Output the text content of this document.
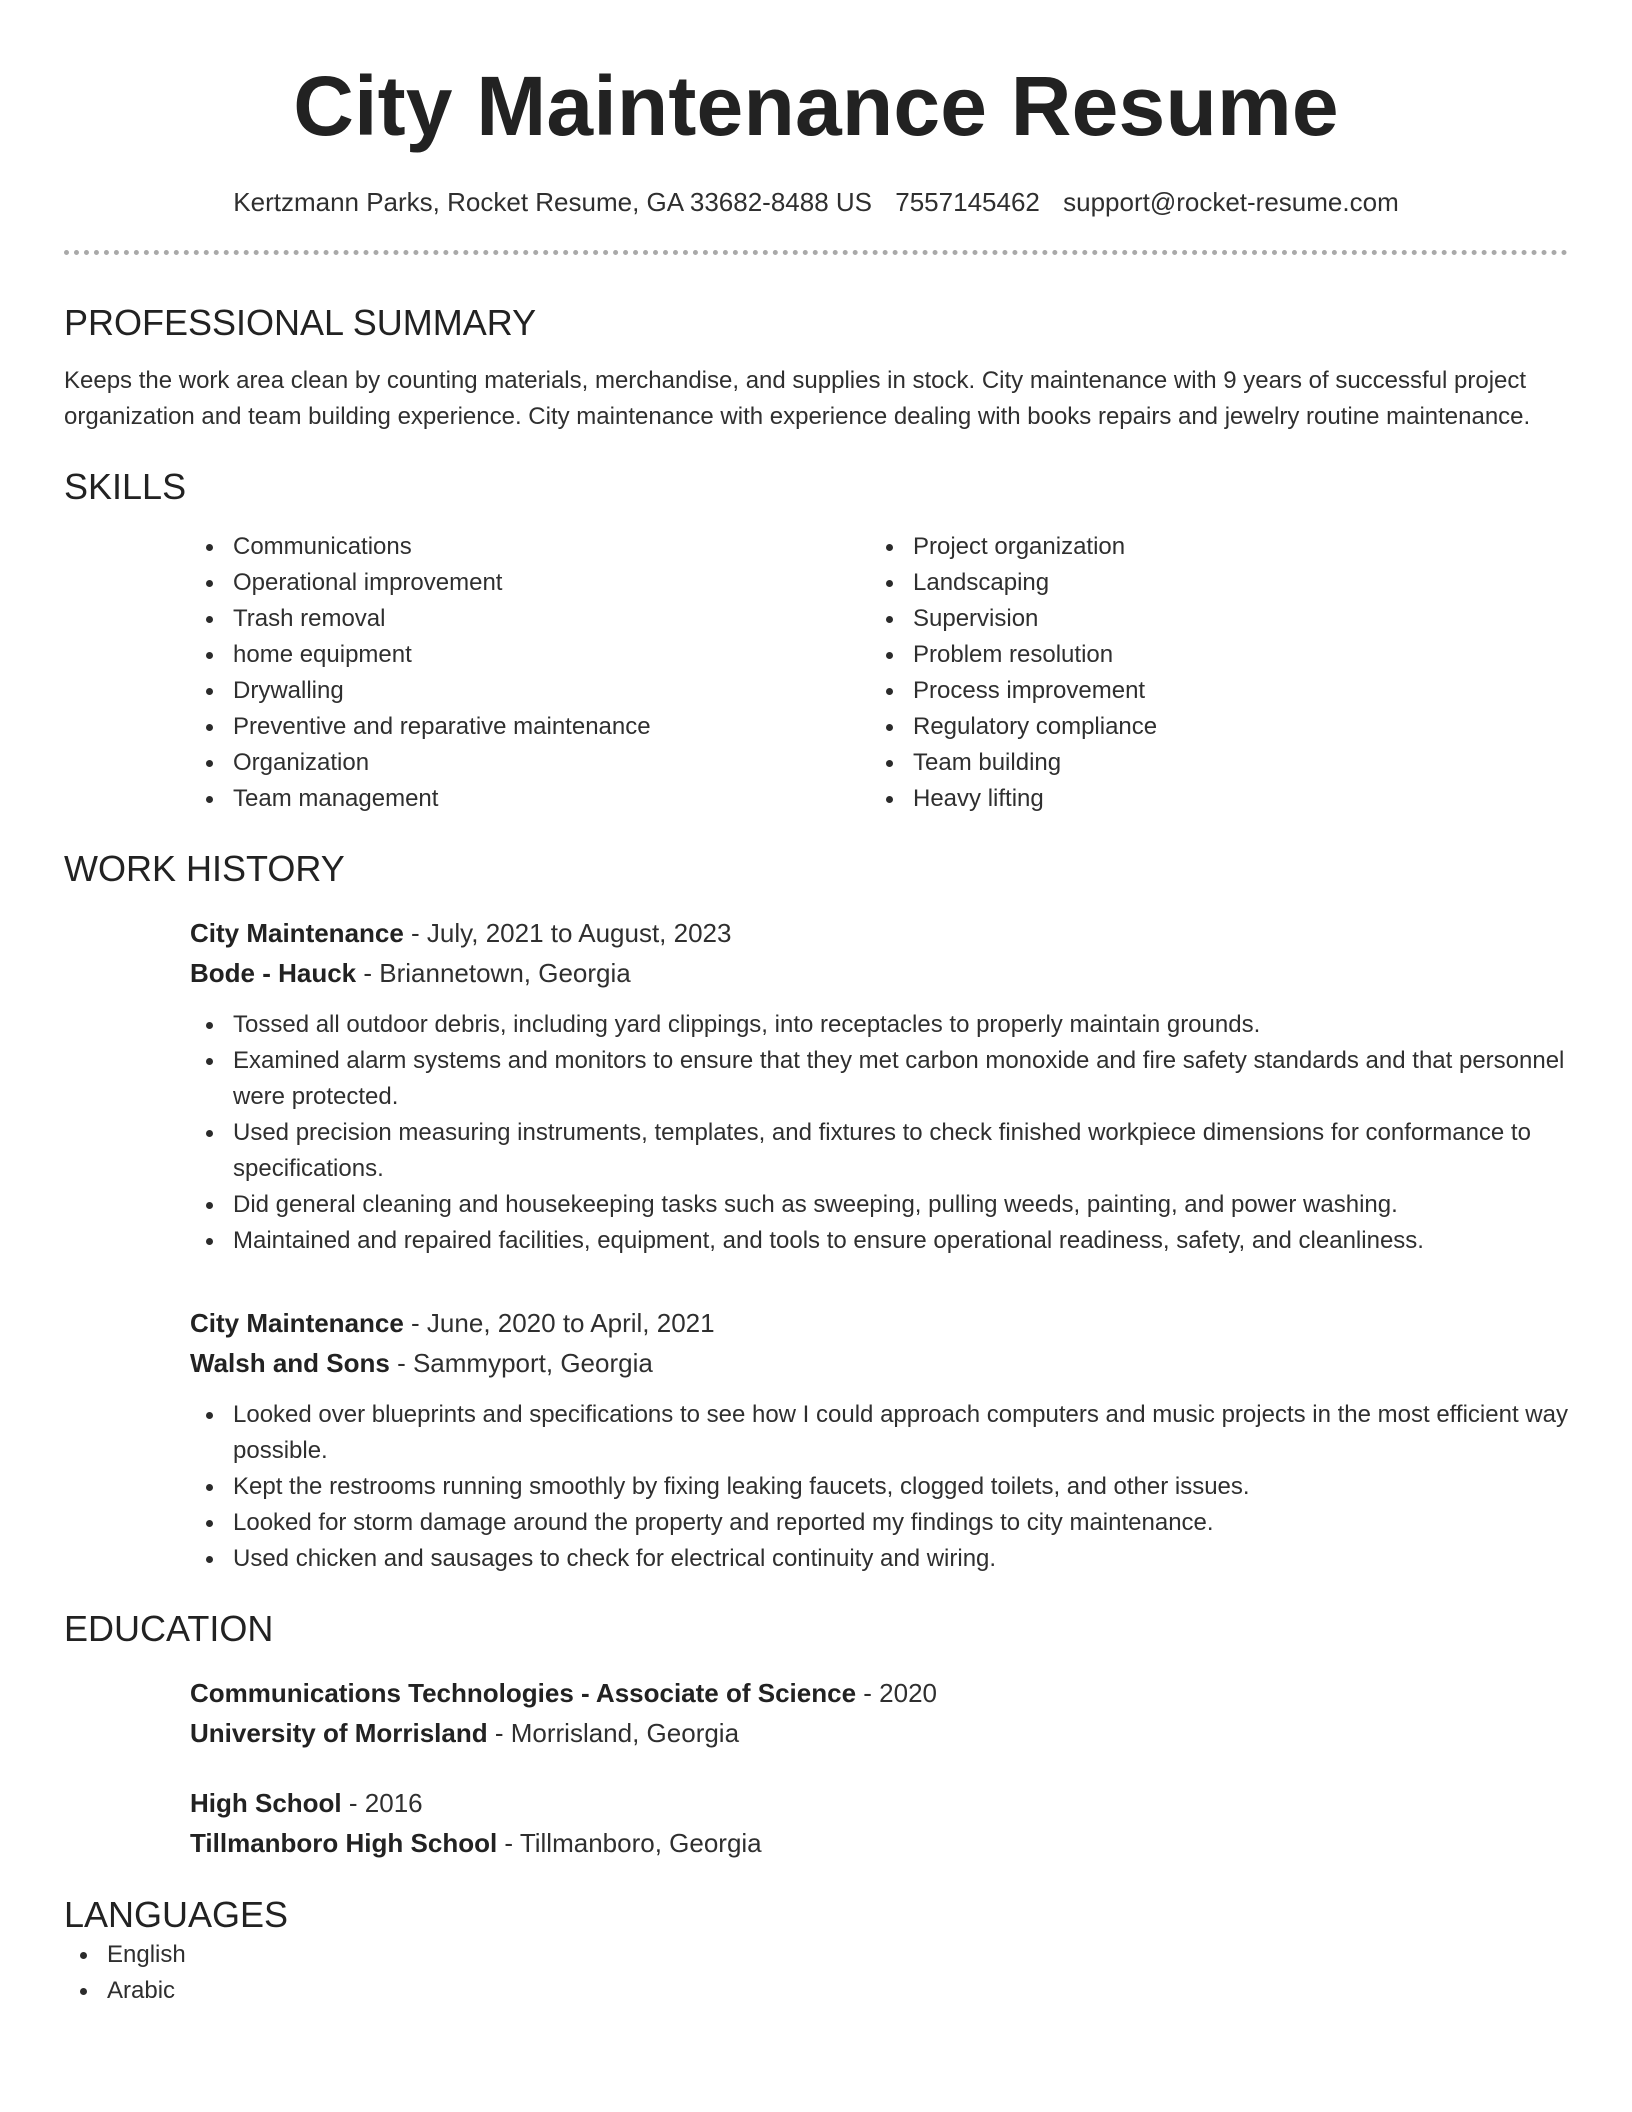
City Maintenance Resume
Kertzmann Parks, Rocket Resume, GA 33682-8488 US 7557145462 support@rocket-resume.com
PROFESSIONAL SUMMARY

Keeps the work area clean by counting materials, merchandise, and supplies in stock. City maintenance with 9 years of successful project organization and team building experience. City maintenance with experience dealing with books repairs and jewelry routine maintenance.

SKILLS
Communications
Operational improvement
Trash removal
home equipment
Drywalling
Preventive and reparative maintenance
Organization
Team management
Project organization
Landscaping
Supervision
Problem resolution
Process improvement
Regulatory compliance
Team building
Heavy lifting
WORK HISTORY
City Maintenance - July, 2021 to August, 2023
Bode - Hauck - Briannetown, Georgia
Tossed all outdoor debris, including yard clippings, into receptacles to properly maintain grounds.
Examined alarm systems and monitors to ensure that they met carbon monoxide and fire safety standards and that personnel were protected.
Used precision measuring instruments, templates, and fixtures to check finished workpiece dimensions for conformance to specifications.
Did general cleaning and housekeeping tasks such as sweeping, pulling weeds, painting, and power washing.
Maintained and repaired facilities, equipment, and tools to ensure operational readiness, safety, and cleanliness.
City Maintenance - June, 2020 to April, 2021
Walsh and Sons - Sammyport, Georgia
Looked over blueprints and specifications to see how I could approach computers and music projects in the most efficient way possible.
Kept the restrooms running smoothly by fixing leaking faucets, clogged toilets, and other issues.
Looked for storm damage around the property and reported my findings to city maintenance.
Used chicken and sausages to check for electrical continuity and wiring.
EDUCATION
Communications Technologies - Associate of Science - 2020
University of Morrisland - Morrisland, Georgia
High School - 2016
Tillmanboro High School - Tillmanboro, Georgia
LANGUAGES
English
Arabic
